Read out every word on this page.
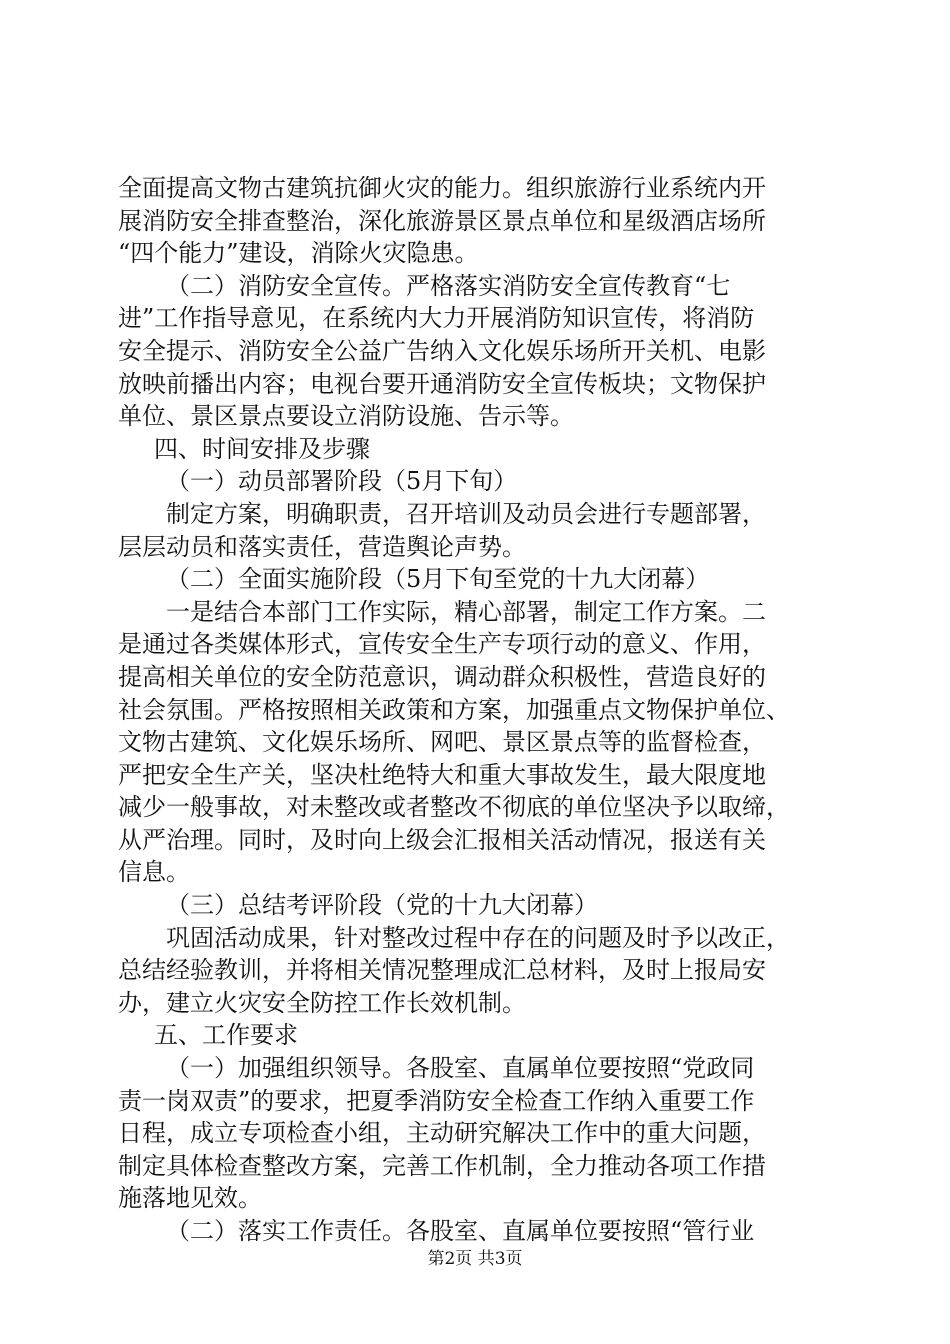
全面提高文物古建筑抗御火灾的能力。组织旅游行业系统内开
展消防安全排查整治，深化旅游景区景点单位和星级酒店场所
“四个能力”建设，消除火灾隐患。
（二）消防安全宣传。严格落实消防安全宣传教育“七
进”工作指导意见，在系统内大力开展消防知识宣传，将消防
安全提示、消防安全公益广告纳入文化娱乐场所开关机、电影
放映前播出内容；电视台要开通消防安全宣传板块；文物保护
单位、景区景点要设立消防设施、告示等。
四、时间安排及步骤
（一）动员部署阶段（5月下旬）
制定方案，明确职责，召开培训及动员会进行专题部署，
层层动员和落实责任，营造舆论声势。
（二）全面实施阶段（5月下旬至党的十九大闭幕）
一是结合本部门工作实际，精心部署，制定工作方案。二
是通过各类媒体形式，宣传安全生产专项行动的意义、作用，
提高相关单位的安全防范意识，调动群众积极性，营造良好的
社会氛围。严格按照相关政策和方案，加强重点文物保护单位、
文物古建筑、文化娱乐场所、网吧、景区景点等的监督检查，
严把安全生产关，坚决杜绝特大和重大事故发生，最大限度地
减少一般事故，对未整改或者整改不彻底的单位坚决予以取缔，
从严治理。同时，及时向上级会汇报相关活动情况，报送有关
信息。
（三）总结考评阶段（党的十九大闭幕）
巩固活动成果，针对整改过程中存在的问题及时予以改正，
总结经验教训，并将相关情况整理成汇总材料，及时上报局安
办，建立火灾安全防控工作长效机制。
五、工作要求
（一）加强组织领导。各股室、直属单位要按照“党政同
责一岗双责”的要求，把夏季消防安全检查工作纳入重要工作
日程，成立专项检查小组，主动研究解决工作中的重大问题，
制定具体检查整改方案，完善工作机制，全力推动各项工作措
施落地见效。
（二）落实工作责任。各股室、直属单位要按照“管行业
第2页 共3页
